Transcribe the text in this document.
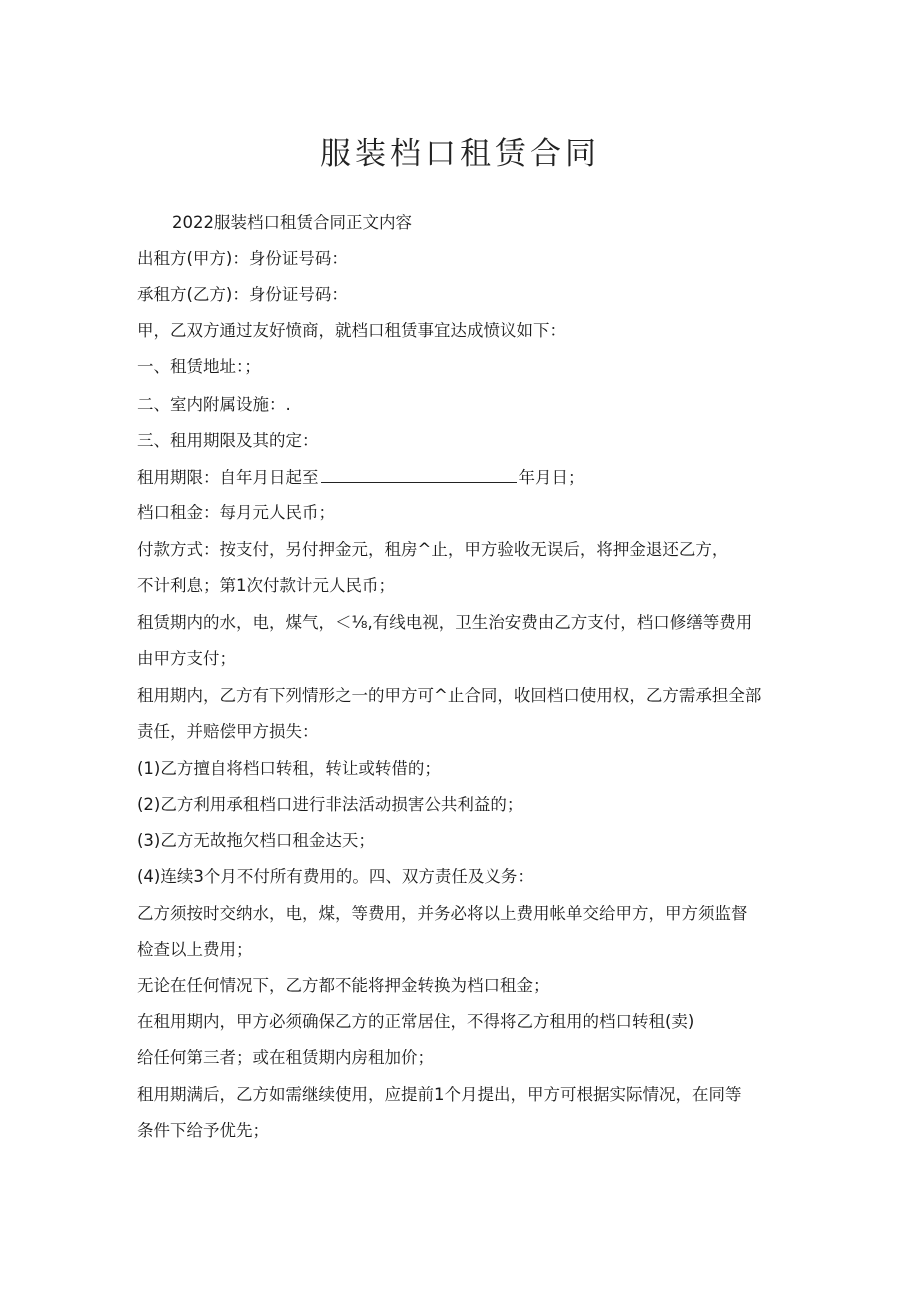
服装档口租赁合同
2022服装档口租赁合同正文内容
出租方(甲方)：身份证号码：
承租方(乙方)：身份证号码：
甲，乙双方通过友好愤商，就档口租赁事宜达成愤议如下：
一、租赁地址：；
二、室内附属设施：.
三、租用期限及其的定：
租用期限：自年月日起至	年月日；
档口租金：每月元人民币；
付款方式：按支付，另付押金元，租房^止，甲方验收无误后，将押金退还乙方，
不计利息；第1次付款计元人民币；
租赁期内的水，电，煤气，＜⅛,有线电视，卫生治安费由乙方支付，档口修缮等费用
由甲方支付；
租用期内，乙方有下列情形之一的甲方可^止合同，收回档口使用权，乙方需承担全部
责任，并赔偿甲方损失：
(1)乙方擅自将档口转租，转让或转借的；
(2)乙方利用承租档口进行非法活动损害公共利益的；
(3)乙方无故拖欠档口租金达天；
(4)连续3个月不付所有费用的。四、双方责任及义务：
乙方须按时交纳水，电，煤，等费用，并务必将以上费用帐单交给甲方，甲方须监督
检查以上费用；
无论在任何情况下，乙方都不能将押金转换为档口租金；
在租用期内，甲方必须确保乙方的正常居住，不得将乙方租用的档口转租(卖)
给任何第三者；或在租赁期内房租加价；
租用期满后，乙方如需继续使用，应提前1个月提出，甲方可根据实际情况，在同等
条件下给予优先；
